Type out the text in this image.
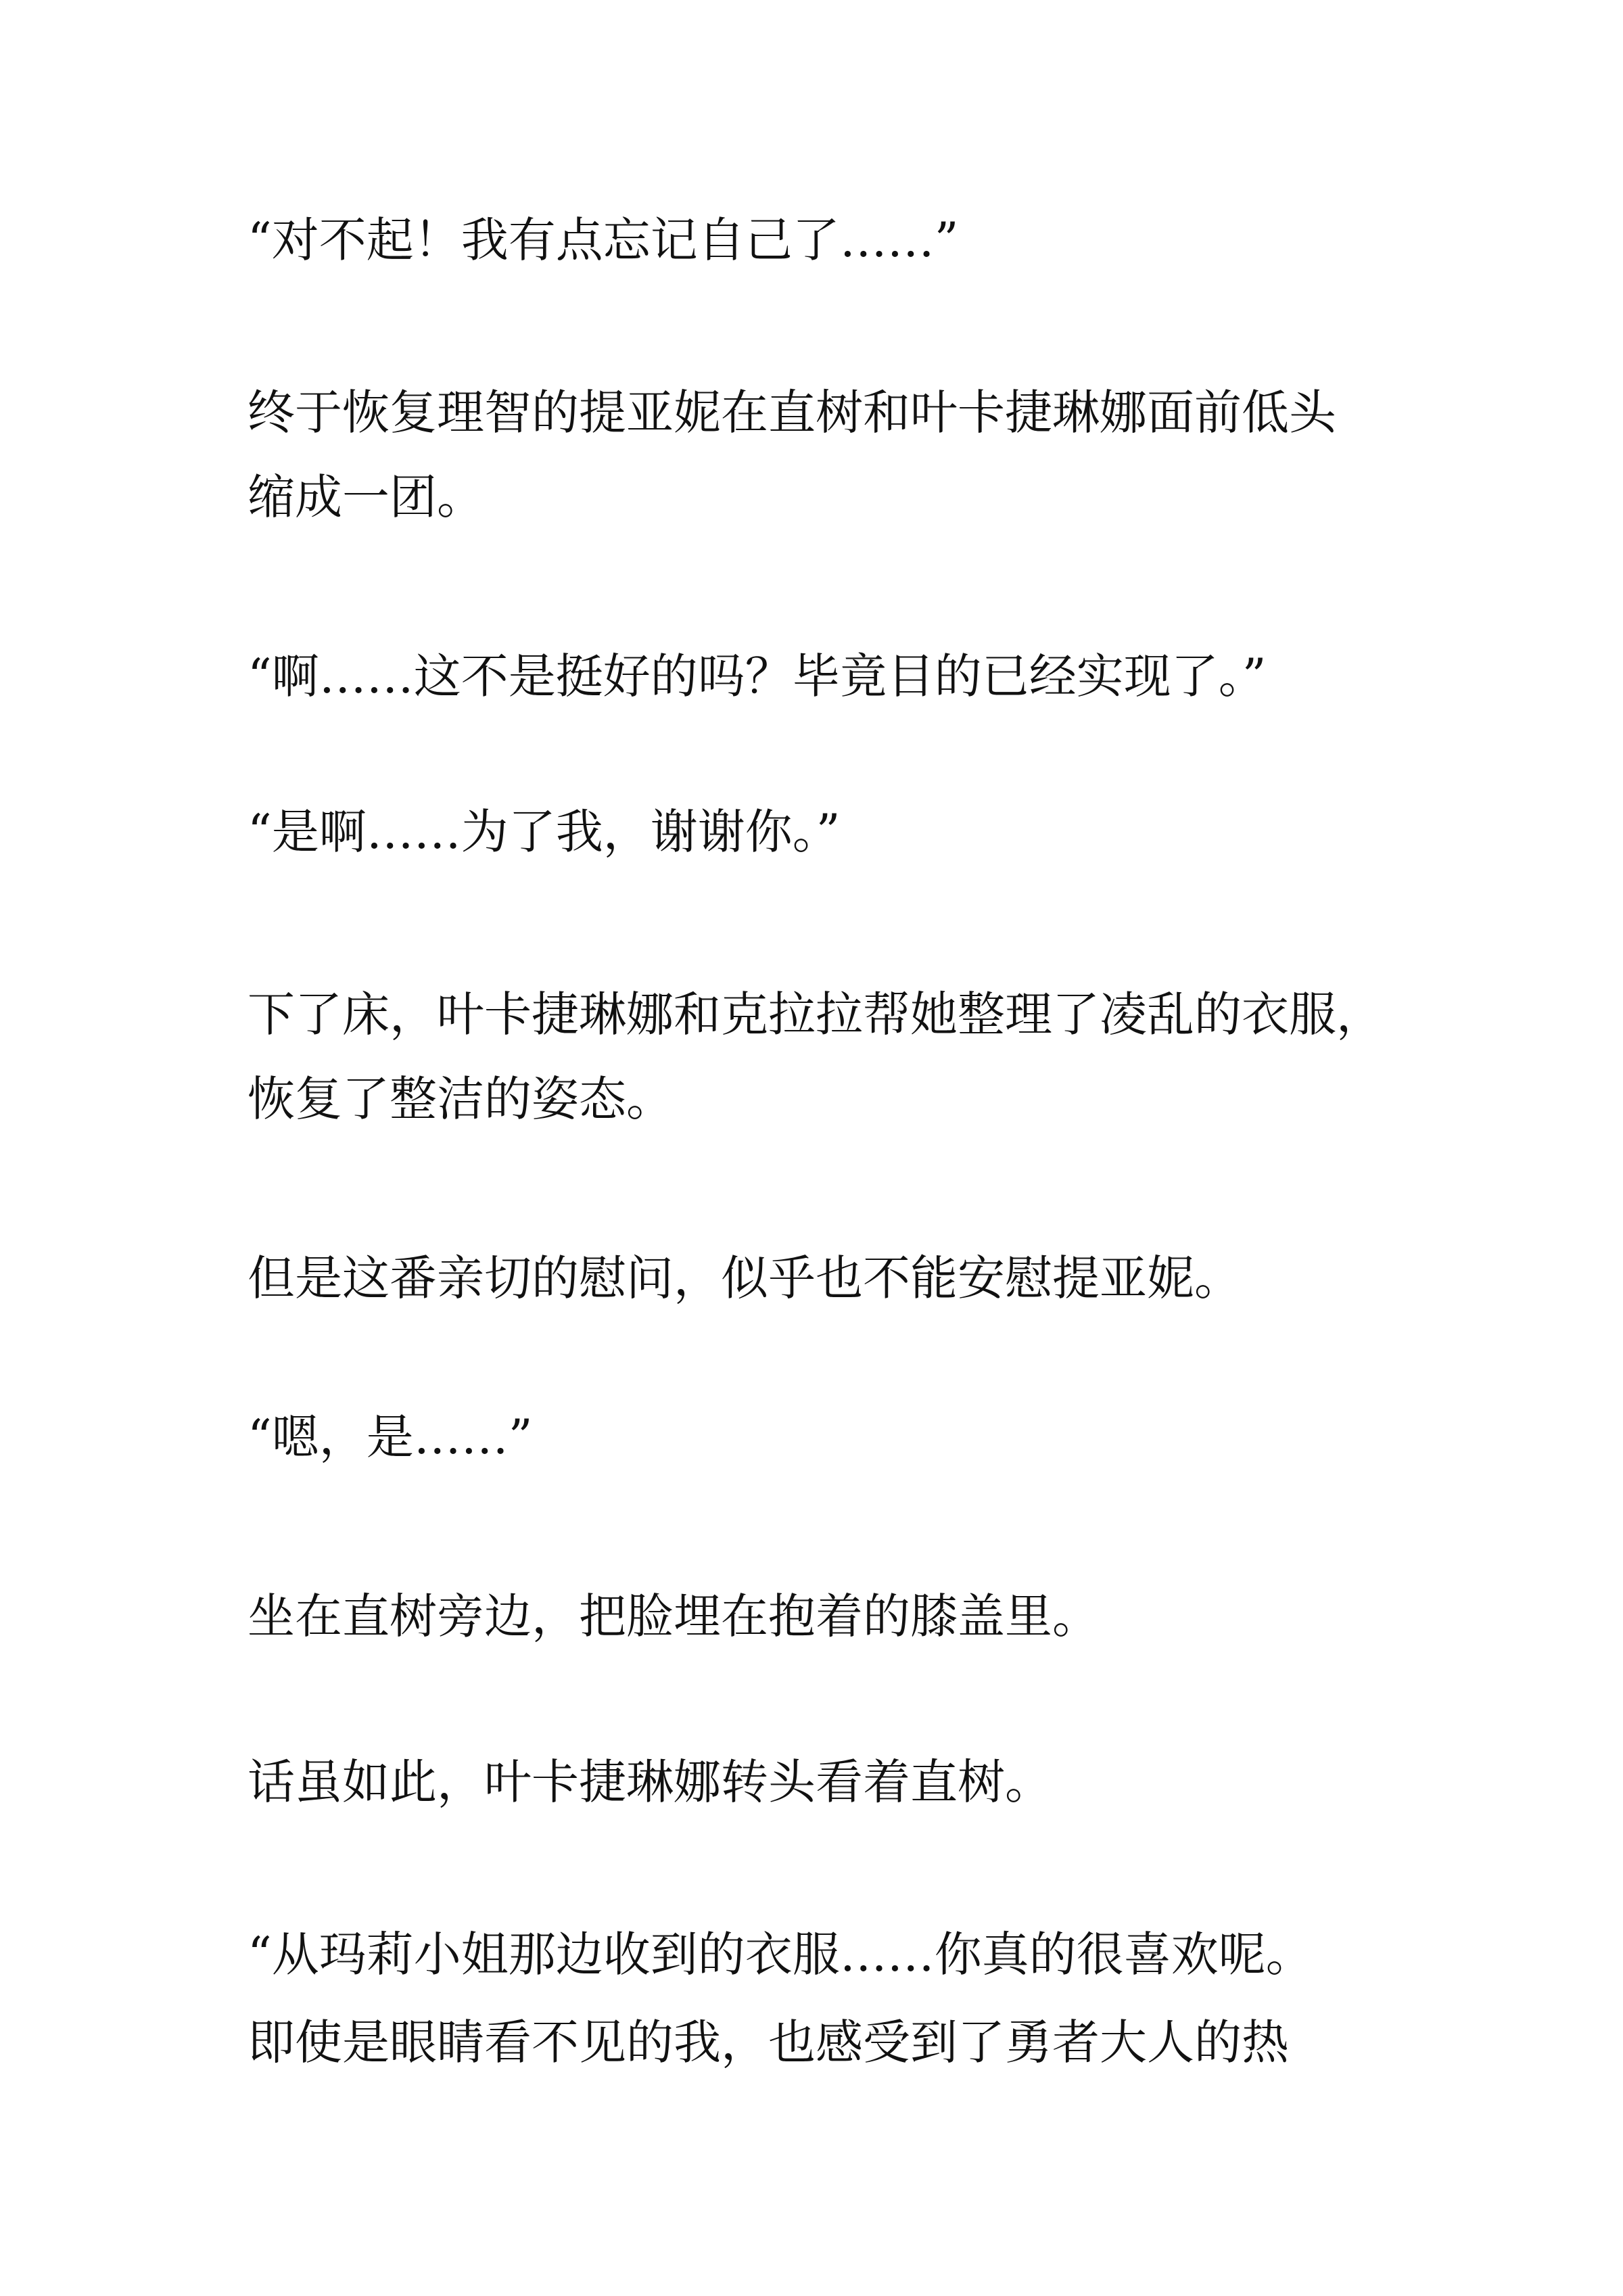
“对不起！我有点忘记自己了……”
终于恢复理智的提亚妮在直树和叶卡捷琳娜面前低头
缩成一团。
“啊……这不是挺好的吗？毕竟目的已经实现了。”
“是啊……为了我，谢谢你。”
下了床，叶卡捷琳娜和克拉拉帮她整理了凌乱的衣服，
恢复了整洁的姿态。
但是这番亲切的慰问，似乎也不能安慰提亚妮。
“嗯，是……”
坐在直树旁边，把脸埋在抱着的膝盖里。
话虽如此，叶卡捷琳娜转头看着直树。
“从玛莉小姐那边收到的衣服……你真的很喜欢呢。
即使是眼睛看不见的我，也感受到了勇者大人的热
